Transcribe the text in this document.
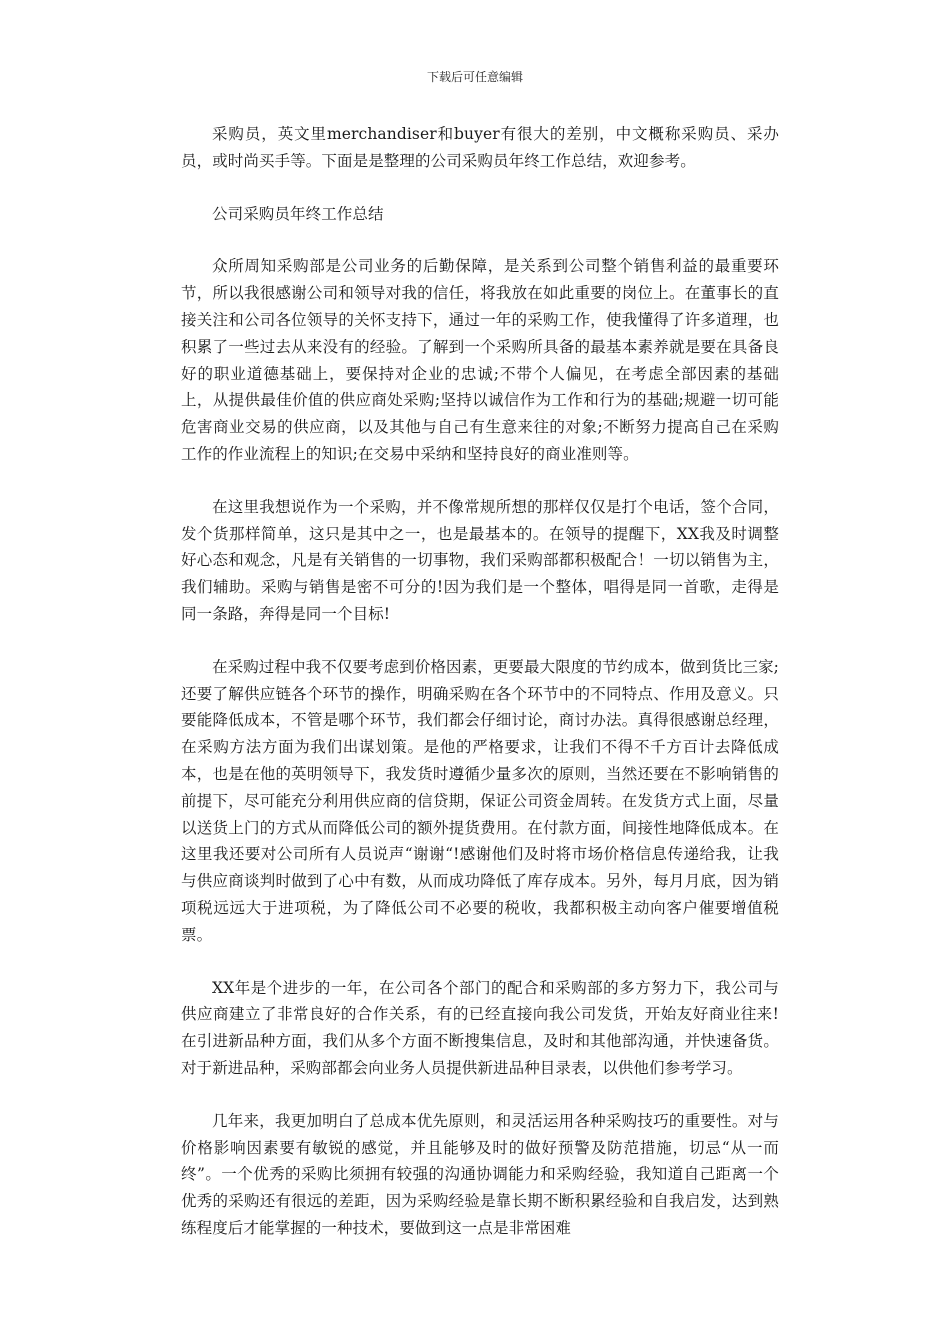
下载后可任意编辑

采购员，英文里merchandiser和buyer有很大的差别，中文概称采购员、采办员，或时尚买手等。下面是是整理的公司采购员年终工作总结，欢迎参考。

公司采购员年终工作总结

众所周知采购部是公司业务的后勤保障，是关系到公司整个销售利益的最重要环节，所以我很感谢公司和领导对我的信任，将我放在如此重要的岗位上。在董事长的直接关注和公司各位领导的关怀支持下，通过一年的采购工作，使我懂得了许多道理，也积累了一些过去从来没有的经验。了解到一个采购所具备的最基本素养就是要在具备良好的职业道德基础上，要保持对企业的忠诚;不带个人偏见，在考虑全部因素的基础上，从提供最佳价值的供应商处采购;坚持以诚信作为工作和行为的基础;规避一切可能危害商业交易的供应商，以及其他与自己有生意来往的对象;不断努力提高自己在采购工作的作业流程上的知识;在交易中采纳和坚持良好的商业准则等。

在这里我想说作为一个采购，并不像常规所想的那样仅仅是打个电话，签个合同，发个货那样简单，这只是其中之一，也是最基本的。在领导的提醒下，XX我及时调整好心态和观念，凡是有关销售的一切事物，我们采购部都积极配合！一切以销售为主，我们辅助。采购与销售是密不可分的!因为我们是一个整体，唱得是同一首歌，走得是同一条路，奔得是同一个目标!

在采购过程中我不仅要考虑到价格因素，更要最大限度的节约成本，做到货比三家;还要了解供应链各个环节的操作，明确采购在各个环节中的不同特点、作用及意义。只要能降低成本，不管是哪个环节，我们都会仔细讨论，商讨办法。真得很感谢总经理，在采购方法方面为我们出谋划策。是他的严格要求，让我们不得不千方百计去降低成本，也是在他的英明领导下，我发货时遵循少量多次的原则，当然还要在不影响销售的前提下，尽可能充分利用供应商的信贷期，保证公司资金周转。在发货方式上面，尽量以送货上门的方式从而降低公司的额外提货费用。在付款方面，间接性地降低成本。在这里我还要对公司所有人员说声“谢谢“!感谢他们及时将市场价格信息传递给我，让我与供应商谈判时做到了心中有数，从而成功降低了库存成本。另外，每月月底，因为销项税远远大于进项税，为了降低公司不必要的税收，我都积极主动向客户催要增值税票。

XX年是个进步的一年，在公司各个部门的配合和采购部的多方努力下，我公司与供应商建立了非常良好的合作关系，有的已经直接向我公司发货，开始友好商业往来!在引进新品种方面，我们从多个方面不断搜集信息，及时和其他部沟通，并快速备货。对于新进品种，采购部都会向业务人员提供新进品种目录表，以供他们参考学习。

几年来，我更加明白了总成本优先原则，和灵活运用各种采购技巧的重要性。对与价格影响因素要有敏锐的感觉，并且能够及时的做好预警及防范措施，切忌“从一而终”。一个优秀的采购比须拥有较强的沟通协调能力和采购经验，我知道自己距离一个优秀的采购还有很远的差距，因为采购经验是靠长期不断积累经验和自我启发，达到熟练程度后才能掌握的一种技术，要做到这一点是非常困难
